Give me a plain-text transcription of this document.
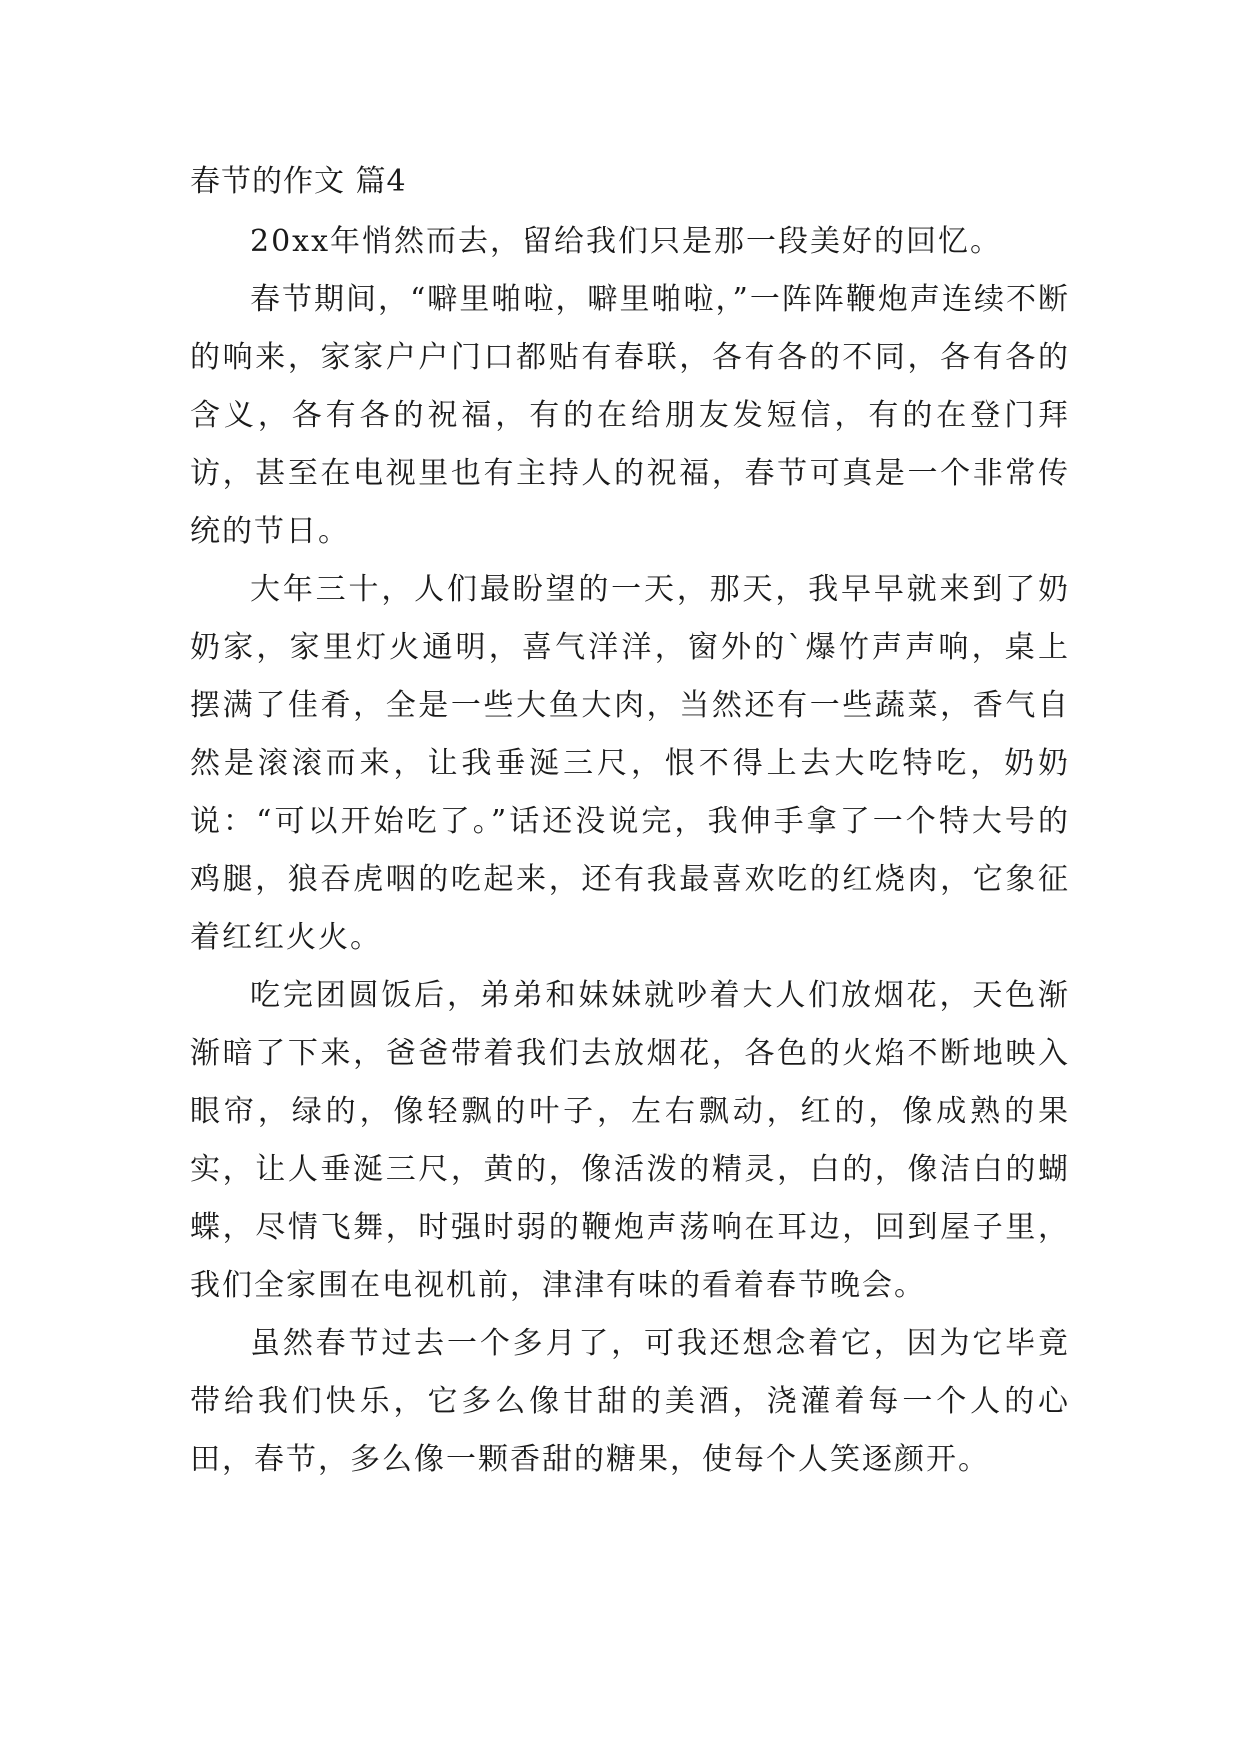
春节的作文 篇4

20xx年悄然而去，留给我们只是那一段美好的回忆。

春节期间，“噼里啪啦，噼里啪啦，”一阵阵鞭炮声连续不断的响来，家家户户门口都贴有春联，各有各的不同，各有各的含义，各有各的祝福，有的在给朋友发短信，有的在登门拜访，甚至在电视里也有主持人的祝福，春节可真是一个非常传统的节日。

大年三十，人们最盼望的一天，那天，我早早就来到了奶奶家，家里灯火通明，喜气洋洋，窗外的`爆竹声声响，桌上摆满了佳肴，全是一些大鱼大肉，当然还有一些蔬菜，香气自然是滚滚而来，让我垂涎三尺，恨不得上去大吃特吃，奶奶说：“可以开始吃了。”话还没说完，我伸手拿了一个特大号的鸡腿，狼吞虎咽的吃起来，还有我最喜欢吃的红烧肉，它象征着红红火火。

吃完团圆饭后，弟弟和妹妹就吵着大人们放烟花，天色渐渐暗了下来，爸爸带着我们去放烟花，各色的火焰不断地映入眼帘，绿的，像轻飘的叶子，左右飘动，红的，像成熟的果实，让人垂涎三尺，黄的，像活泼的精灵，白的，像洁白的蝴蝶，尽情飞舞，时强时弱的鞭炮声荡响在耳边，回到屋子里，我们全家围在电视机前，津津有味的看着春节晚会。

虽然春节过去一个多月了，可我还想念着它，因为它毕竟带给我们快乐，它多么像甘甜的美酒，浇灌着每一个人的心田，春节，多么像一颗香甜的糖果，使每个人笑逐颜开。
